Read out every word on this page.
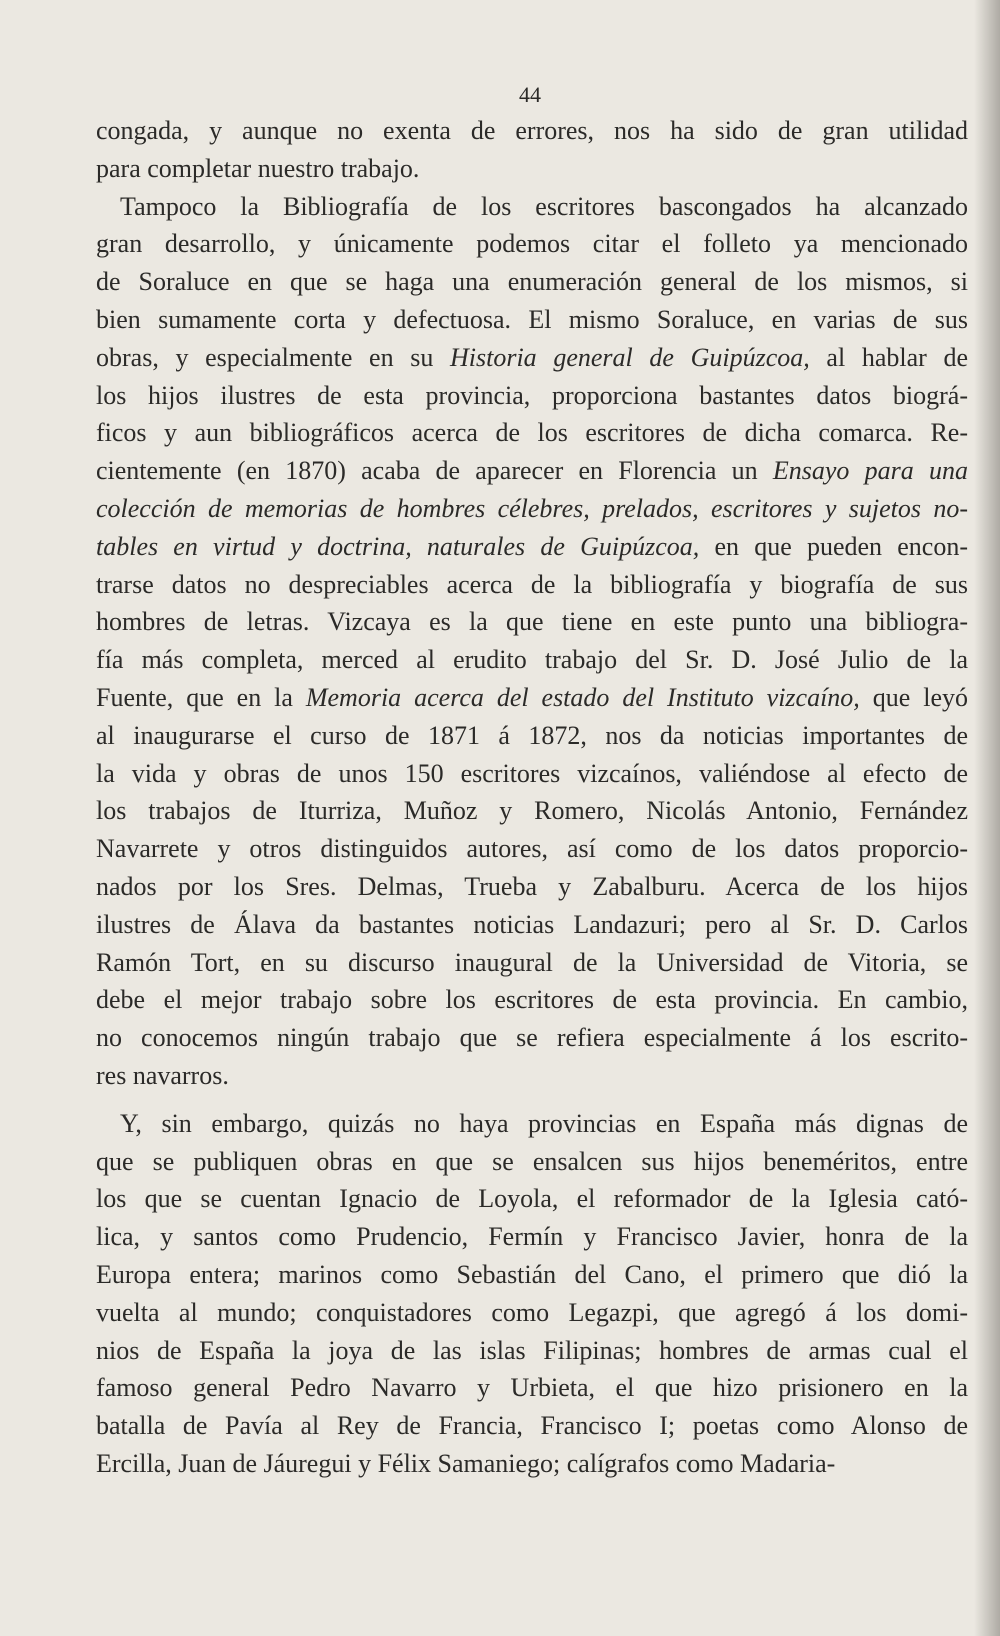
44
congada, y aunque no exenta de errores, nos ha sido de gran utilidad
para completar nuestro trabajo.
Tampoco la Bibliografía de los escritores bascongados ha alcanzado
gran desarrollo, y únicamente podemos citar el folleto ya mencionado
de Soraluce en que se haga una enumeración general de los mismos, si
bien sumamente corta y defectuosa. El mismo Soraluce, en varias de sus
obras, y especialmente en su Historia general de Guipúzcoa, al hablar de
los hijos ilustres de esta provincia, proporciona bastantes datos biográ-
ficos y aun bibliográficos acerca de los escritores de dicha comarca. Re-
cientemente (en 1870) acaba de aparecer en Florencia un Ensayo para una
colección de memorias de hombres célebres, prelados, escritores y sujetos no-
tables en virtud y doctrina, naturales de Guipúzcoa, en que pueden encon-
trarse datos no despreciables acerca de la bibliografía y biografía de sus
hombres de letras. Vizcaya es la que tiene en este punto una bibliogra-
fía más completa, merced al erudito trabajo del Sr. D. José Julio de la
Fuente, que en la Memoria acerca del estado del Instituto vizcaíno, que leyó
al inaugurarse el curso de 1871 á 1872, nos da noticias importantes de
la vida y obras de unos 150 escritores vizcaínos, valiéndose al efecto de
los trabajos de Iturriza, Muñoz y Romero, Nicolás Antonio, Fernández
Navarrete y otros distinguidos autores, así como de los datos proporcio-
nados por los Sres. Delmas, Trueba y Zabalburu. Acerca de los hijos
ilustres de Álava da bastantes noticias Landazuri; pero al Sr. D. Carlos
Ramón Tort, en su discurso inaugural de la Universidad de Vitoria, se
debe el mejor trabajo sobre los escritores de esta provincia. En cambio,
no conocemos ningún trabajo que se refiera especialmente á los escrito-
res navarros.
Y, sin embargo, quizás no haya provincias en España más dignas de
que se publiquen obras en que se ensalcen sus hijos beneméritos, entre
los que se cuentan Ignacio de Loyola, el reformador de la Iglesia cató-
lica, y santos como Prudencio, Fermín y Francisco Javier, honra de la
Europa entera; marinos como Sebastián del Cano, el primero que dió la
vuelta al mundo; conquistadores como Legazpi, que agregó á los domi-
nios de España la joya de las islas Filipinas; hombres de armas cual el
famoso general Pedro Navarro y Urbieta, el que hizo prisionero en la
batalla de Pavía al Rey de Francia, Francisco I; poetas como Alonso de
Ercilla, Juan de Jáuregui y Félix Samaniego; calígrafos como Madaria-
